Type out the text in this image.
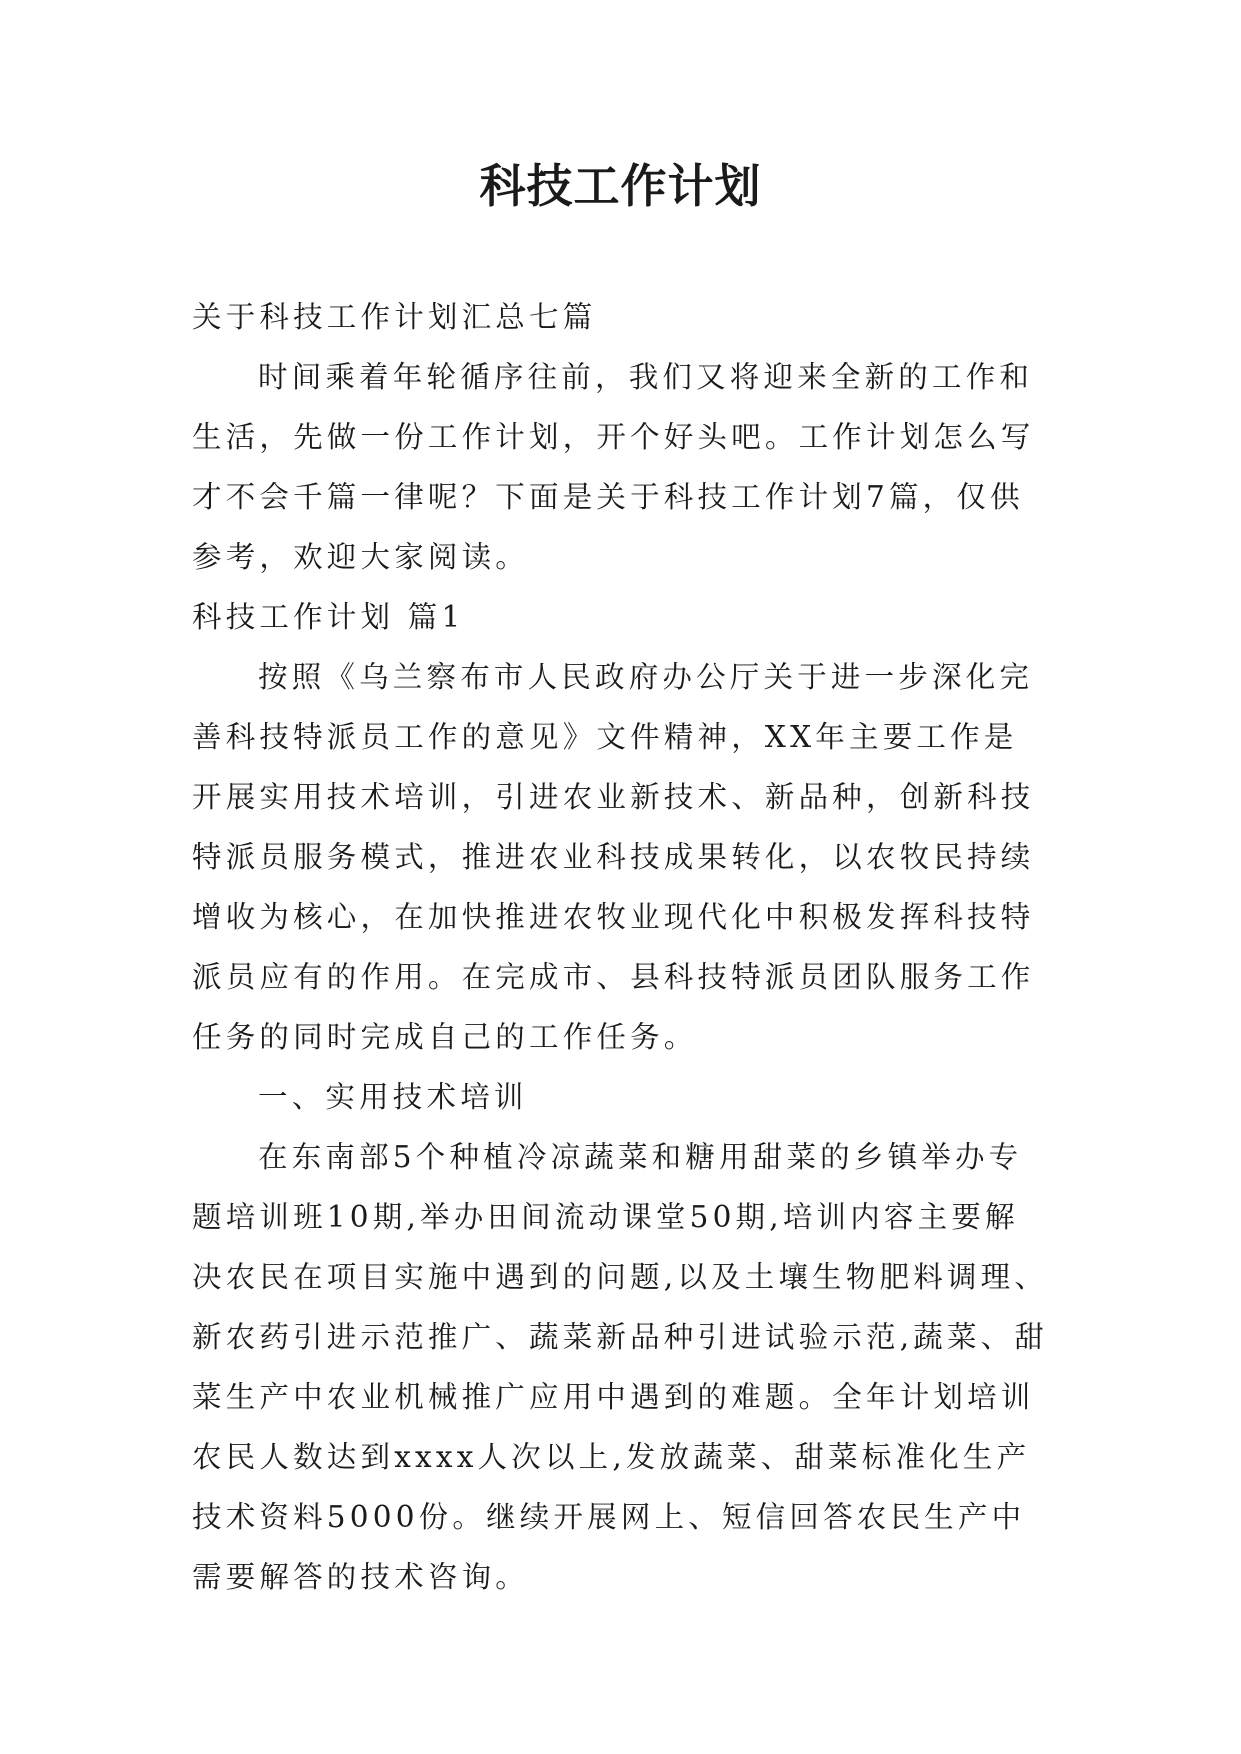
科技工作计划

关于科技工作计划汇总七篇

时间乘着年轮循序往前，我们又将迎来全新的工作和生活，先做一份工作计划，开个好头吧。工作计划怎么写才不会千篇一律呢？下面是关于科技工作计划7篇，仅供参考，欢迎大家阅读。

科技工作计划 篇1

按照《乌兰察布市人民政府办公厅关于进一步深化完善科技特派员工作的意见》文件精神，XX年主要工作是开展实用技术培训，引进农业新技术、新品种，创新科技特派员服务模式，推进农业科技成果转化，以农牧民持续增收为核心，在加快推进农牧业现代化中积极发挥科技特派员应有的作用。在完成市、县科技特派员团队服务工作任务的同时完成自己的工作任务。

一、实用技术培训

在东南部5个种植冷凉蔬菜和糖用甜菜的乡镇举办专题培训班10期,举办田间流动课堂50期,培训内容主要解决农民在项目实施中遇到的问题,以及土壤生物肥料调理、新农药引进示范推广、蔬菜新品种引进试验示范,蔬菜、甜菜生产中农业机械推广应用中遇到的难题。全年计划培训农民人数达到xxxx人次以上,发放蔬菜、甜菜标准化生产技术资料5000份。继续开展网上、短信回答农民生产中需要解答的技术咨询。
